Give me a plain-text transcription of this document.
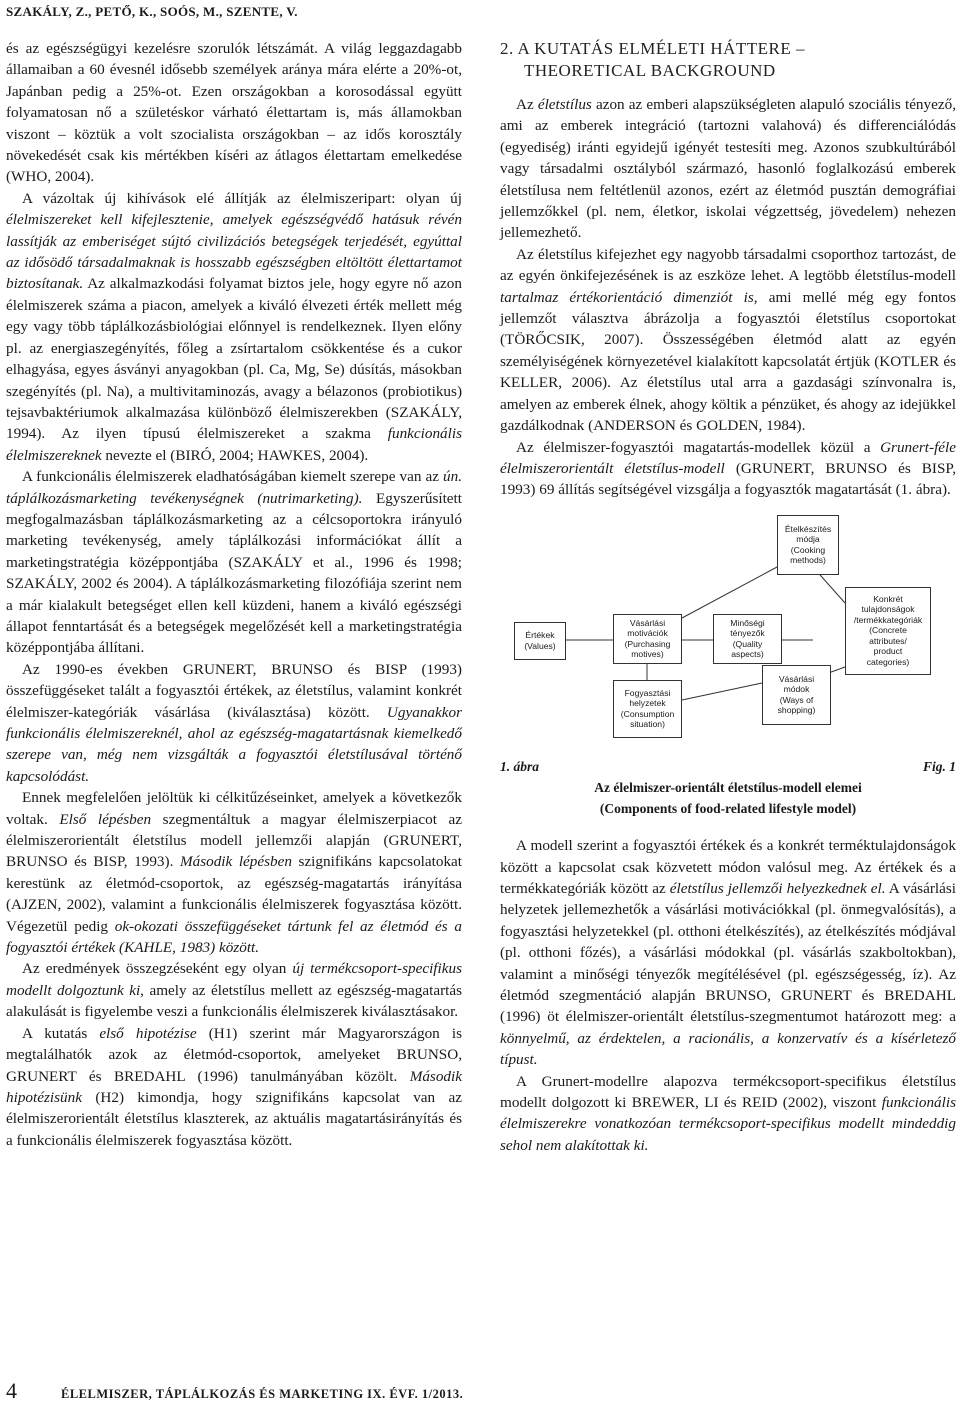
SZAKÁLY, Z., PETŐ, K., SOÓS, M., SZENTE, V.

és az egészségügyi kezelésre szorulók létszámát. A világ leggazdagabb államaiban a 60 évesnél idősebb személyek aránya mára elérte a 20%-ot, Japánban pedig a 25%-ot. Ezen országokban a korosodással együtt folyamatosan nő a születéskor várható élettartam is, más államokban viszont – köztük a volt szocialista országokban – az idős korosztály növekedését csak kis mértékben kíséri az átlagos élettartam emelkedése (WHO, 2004).

A vázoltak új kihívások elé állítják az élelmiszeripart: olyan új élelmiszereket kell kifejlesztenie, amelyek egészségvédő hatásuk révén lassítják az emberiséget sújtó civilizációs betegségek terjedését, egyúttal az idősödő társadalmaknak is hosszabb egészségben eltöltött élettartamot biztosítanak. Az alkalmazkodási folyamat biztos jele, hogy egyre nő azon élelmiszerek száma a piacon, amelyek a kiváló élvezeti érték mellett még egy vagy több táplálkozásbiológiai előnnyel is rendelkeznek. Ilyen előny pl. az energiaszegényítés, főleg a zsírtartalom csökkentése és a cukor elhagyása, egyes ásványi anyagokban (pl. Ca, Mg, Se) dúsítás, másokban szegényítés (pl. Na), a multivitaminozás, avagy a bélazonos (probiotikus) tejsavbaktériumok alkalmazása különböző élelmiszerekben (SZAKÁLY, 1994). Az ilyen típusú élelmiszereket a szakma funkcionális élelmiszereknek nevezte el (BIRÓ, 2004; HAWKES, 2004).

A funkcionális élelmiszerek eladhatóságában kiemelt szerepe van az ún. táplálkozásmarketing tevékenységnek (nutrimarketing). Egyszerűsített megfogalmazásban táplálkozásmarketing az a célcsoportokra irányuló marketing tevékenység, amely táplálkozási információkat állít a marketingstratégia középpontjába (SZAKÁLY et al., 1996 és 1998; SZAKÁLY, 2002 és 2004). A táplálkozásmarketing filozófiája szerint nem a már kialakult betegséget ellen kell küzdeni, hanem a kiváló egészségi állapot fenntartását és a betegségek megelőzését kell a marketingstratégia középpontjába állítani.

Az 1990-es években GRUNERT, BRUNSO és BISP (1993) összefüggéseket talált a fogyasztói értékek, az életstílus, valamint konkrét élelmiszer-kategóriák vásárlása (kiválasztása) között. Ugyanakkor funkcionális élelmiszereknél, ahol az egészség-magatartásnak kiemelkedő szerepe van, még nem vizsgálták a fogyasztói életstílusával történő kapcsolódást.

Ennek megfelelően jelöltük ki célkitűzéseinket, amelyek a következők voltak. Első lépésben szegmentáltuk a magyar élelmiszerpiacot az élelmiszerorientált életstílus modell jellemzői alapján (GRUNERT, BRUNSO és BISP, 1993). Második lépésben szignifikáns kapcsolatokat kerestünk az életmód-csoportok, az egészség-magatartás irányítása (AJZEN, 2002), valamint a funkcionális élelmiszerek fogyasztása között. Végezetül pedig ok-okozati összefüggéseket tártunk fel az életmód és a fogyasztói értékek (KAHLE, 1983) között.

Az eredmények összegzéseként egy olyan új termékcsoport-specifikus modellt dolgoztunk ki, amely az életstílus mellett az egészség-magatartás alakulását is figyelembe veszi a funkcionális élelmiszerek kiválasztásakor.

A kutatás első hipotézise (H1) szerint már Magyarországon is megtalálhatók azok az életmód-csoportok, amelyeket BRUNSO, GRUNERT és BREDAHL (1996) tanulmányában közölt. Második hipotézisünk (H2) kimondja, hogy szignifikáns kapcsolat van az élelmiszerorientált életstílus klaszterek, az aktuális magatartásirányítás és a funkcionális élelmiszerek fogyasztása között.

2. A KUTATÁS ELMÉLETI HÁTTERE –
THEORETICAL BACKGROUND

Az életstílus azon az emberi alapszükségleten alapuló szociális tényező, ami az emberek integráció (tartozni valahová) és differenciálódás (egyediség) iránti egyidejű igényét testesíti meg. Azonos szubkultúrából vagy társadalmi osztályból származó, hasonló foglalkozású emberek életstílusa nem feltétlenül azonos, ezért az életmód pusztán demográfiai jellemzőkkel (pl. nem, életkor, iskolai végzettség, jövedelem) nehezen jellemezhető.

Az életstílus kifejezhet egy nagyobb társadalmi csoporthoz tartozást, de az egyén önkifejezésének is az eszköze lehet. A legtöbb életstílus-modell tartalmaz értékorientáció dimenziót is, ami mellé még egy fontos jellemzőt választva ábrázolja a fogyasztói életstílus csoportokat (TÖRŐCSIK, 2007). Összességében életmód alatt az egyén személyiségének környezetével kialakított kapcsolatát értjük (KOTLER és KELLER, 2006). Az életstílus utal arra a gazdasági színvonalra is, amelyen az emberek élnek, ahogy költik a pénzüket, és ahogy az idejükkel gazdálkodnak (ANDERSON és GOLDEN, 1984).

Az élelmiszer-fogyasztói magatartás-modellek közül a Grunert-féle élelmiszerorientált életstílus-modell (GRUNERT, BRUNSO és BISP, 1993) 69 állítás segítségével vizsgálja a fogyasztók magatartását (1. ábra).

Ételkészítés
módja
(Cooking
methods)
Értékek
(Values)
Vásárlási
motivációk
(Purchasing
motives)
Minőségi
tényezők
(Quality
aspects)
Konkrét
tulajdonságok
/termékkategóriák
(Concrete
attributes/
product
categories)
Fogyasztási
helyzetek
(Consumption
situation)
Vásárlási
módok
(Ways of
shopping)
1. ábra	Fig. 1
Az élelmiszer-orientált életstílus-modell elemei
(Components of food-related lifestyle model)

A modell szerint a fogyasztói értékek és a konkrét terméktulajdonságok között a kapcsolat csak közvetett módon valósul meg. Az értékek és a termékkategóriák között az életstílus jellemzői helyezkednek el. A vásárlási helyzetek jellemezhetők a vásárlási motivációkkal (pl. önmegvalósítás), a fogyasztási helyzetekkel (pl. otthoni ételkészítés), az ételkészítés módjával (pl. otthoni főzés), a vásárlási módokkal (pl. vásárlás szakboltokban), valamint a minőségi tényezők megítélésével (pl. egészségesség, íz). Az életmód szegmentáció alapján BRUNSO, GRUNERT és BREDAHL (1996) öt élelmiszer-orientált életstílus-szegmentumot határozott meg: a könnyelmű, az érdektelen, a racionális, a konzervatív és a kísérletező típust.

A Grunert-modellre alapozva termékcsoport-specifikus életstílus modellt dolgozott ki BREWER, LI és REID (2002), viszont funkcionális élelmiszerekre vonatkozóan termékcsoport-specifikus modellt mindeddig sehol nem alakítottak ki.

4	ÉLELMISZER, TÁPLÁLKOZÁS ÉS MARKETING IX. ÉVF. 1/2013.
